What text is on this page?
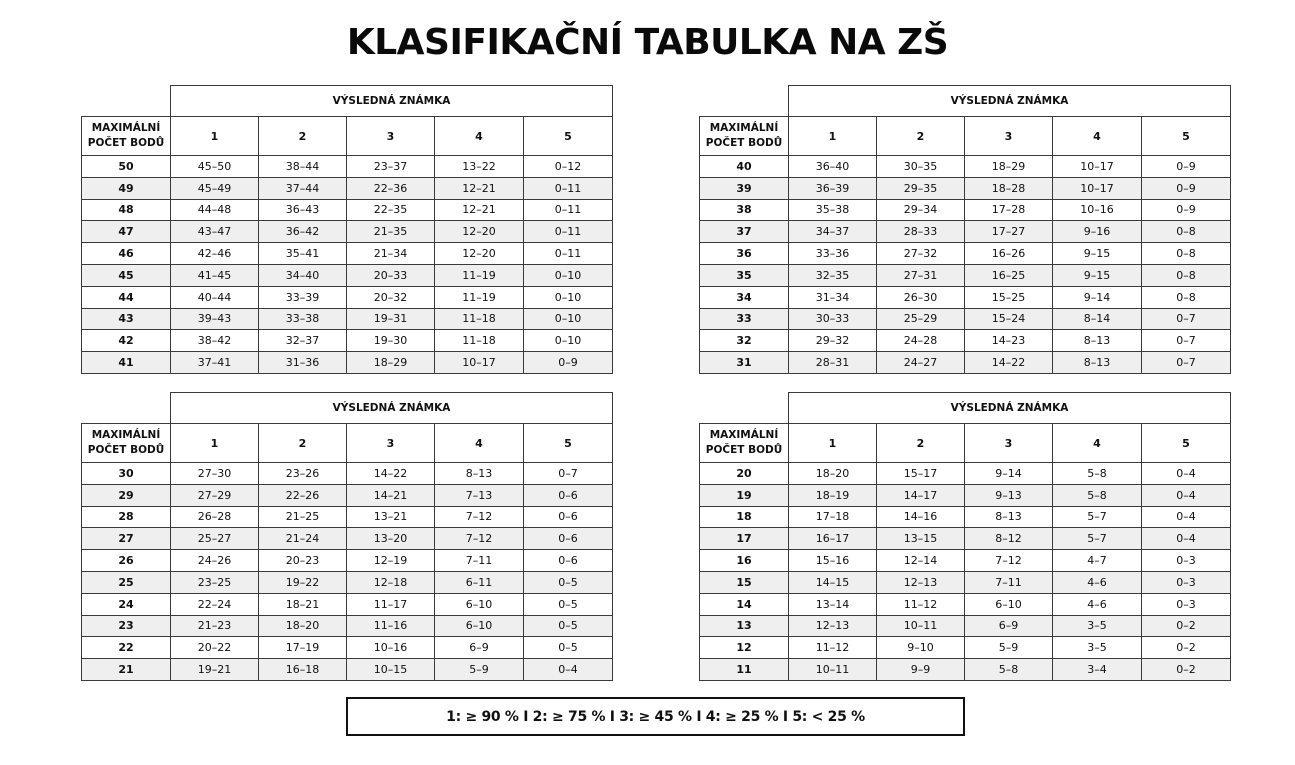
KLASIFIKAČNÍ TABULKA NA ZŠ
	VÝSLEDNÁ ZNÁMKA				
MAXIMÁLNÍ
POČET BODŮ	1	2	3	4	5
50	45–50	38–44	23–37	13–22	0–12
49	45–49	37–44	22–36	12–21	0–11
48	44–48	36–43	22–35	12–21	0–11
47	43–47	36–42	21–35	12–20	0–11
46	42–46	35–41	21–34	12–20	0–11
45	41–45	34–40	20–33	11–19	0–10
44	40–44	33–39	20–32	11–19	0–10
43	39–43	33–38	19–31	11–18	0–10
42	38–42	32–37	19–30	11–18	0–10
41	37–41	31–36	18–29	10–17	0–9
	VÝSLEDNÁ ZNÁMKA				
MAXIMÁLNÍ
POČET BODŮ	1	2	3	4	5
40	36–40	30–35	18–29	10–17	0–9
39	36–39	29–35	18–28	10–17	0–9
38	35–38	29–34	17–28	10–16	0–9
37	34–37	28–33	17–27	9–16	0–8
36	33–36	27–32	16–26	9–15	0–8
35	32–35	27–31	16–25	9–15	0–8
34	31–34	26–30	15–25	9–14	0–8
33	30–33	25–29	15–24	8–14	0–7
32	29–32	24–28	14–23	8–13	0–7
31	28–31	24–27	14–22	8–13	0–7
	VÝSLEDNÁ ZNÁMKA				
MAXIMÁLNÍ
POČET BODŮ	1	2	3	4	5
30	27–30	23–26	14–22	8–13	0–7
29	27–29	22–26	14–21	7–13	0–6
28	26–28	21–25	13–21	7–12	0–6
27	25–27	21–24	13–20	7–12	0–6
26	24–26	20–23	12–19	7–11	0–6
25	23–25	19–22	12–18	6–11	0–5
24	22–24	18–21	11–17	6–10	0–5
23	21–23	18–20	11–16	6–10	0–5
22	20–22	17–19	10–16	6–9	0–5
21	19–21	16–18	10–15	5–9	0–4
	VÝSLEDNÁ ZNÁMKA				
MAXIMÁLNÍ
POČET BODŮ	1	2	3	4	5
20	18–20	15–17	9–14	5–8	0–4
19	18–19	14–17	9–13	5–8	0–4
18	17–18	14–16	8–13	5–7	0–4
17	16–17	13–15	8–12	5–7	0–4
16	15–16	12–14	7–12	4–7	0–3
15	14–15	12–13	7–11	4–6	0–3
14	13–14	11–12	6–10	4–6	0–3
13	12–13	10–11	6–9	3–5	0–2
12	11–12	9–10	5–9	3–5	0–2
11	10–11	9–9	5–8	3–4	0–2
1: ≥ 90 % I 2: ≥ 75 % I 3: ≥ 45 % I 4: ≥ 25 % I 5: < 25 %
